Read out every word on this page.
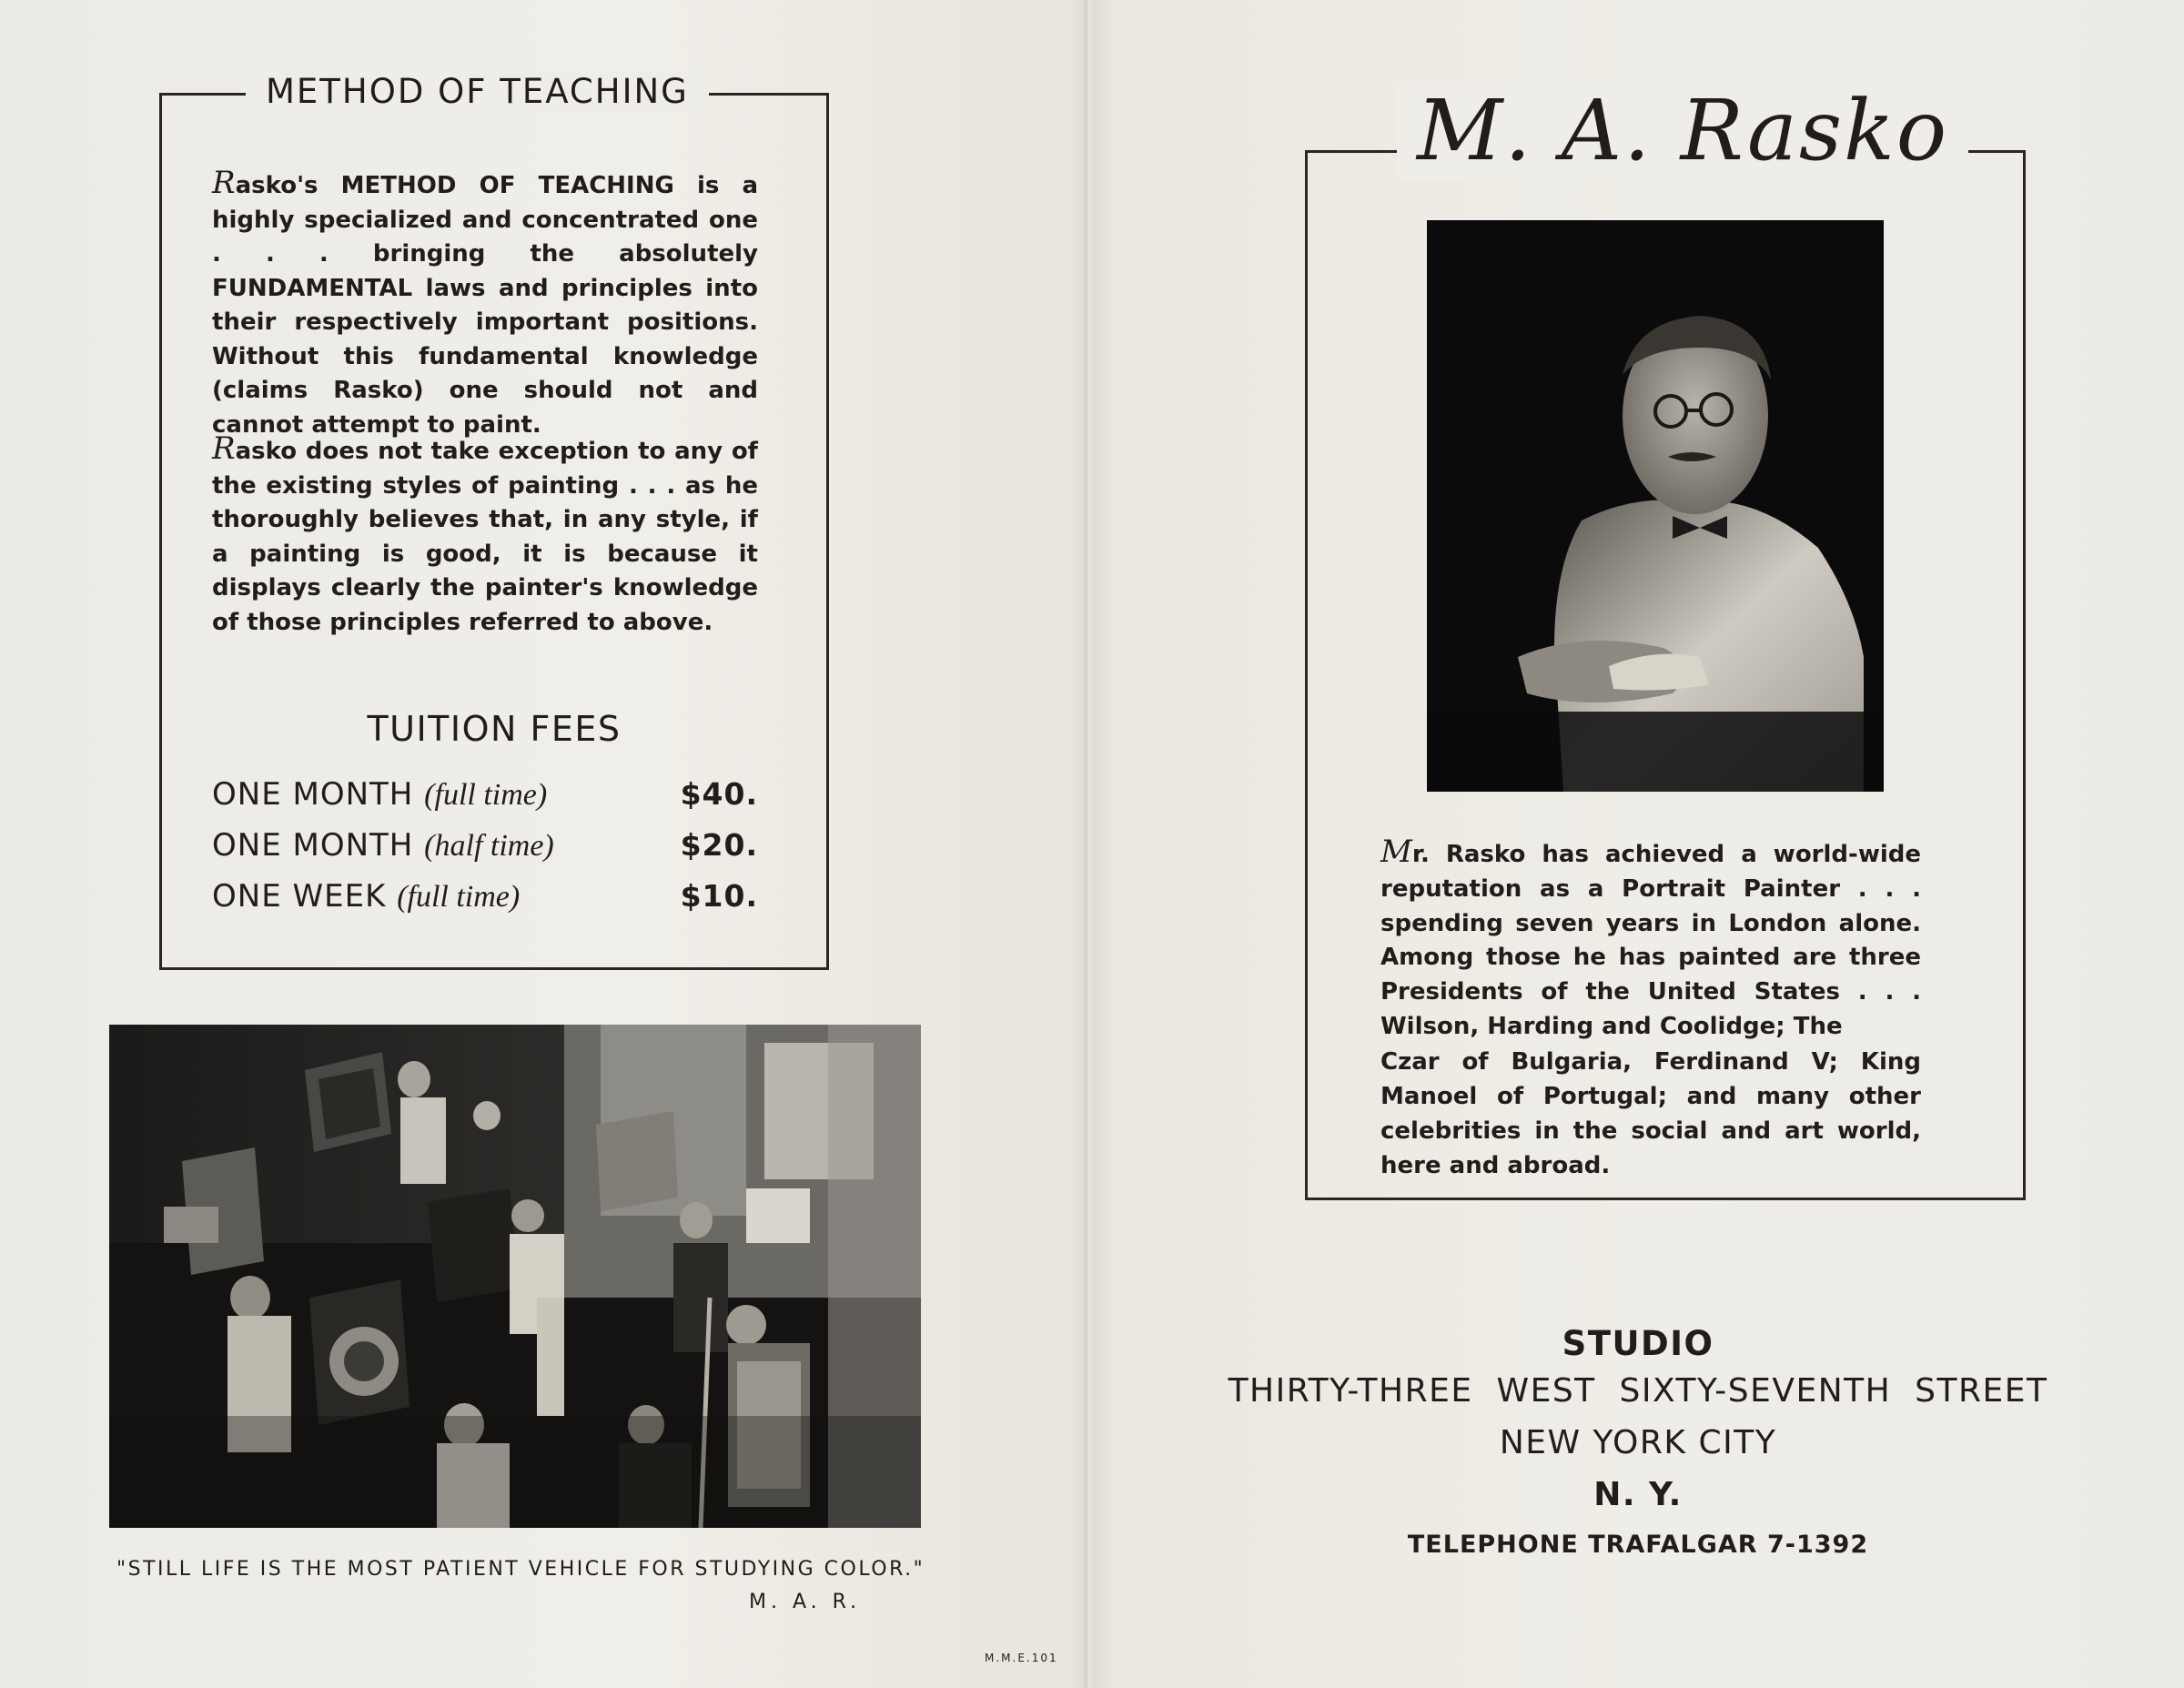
METHOD OF TEACHING
Rasko's METHOD OF TEACHING is a highly specialized and concentrated one . . . bringing the absolutely FUNDAMENTAL laws and principles into their respectively important positions. Without this fundamental knowledge (claims Rasko) one should not and cannot attempt to paint.
Rasko does not take exception to any of the existing styles of painting . . . as he thoroughly believes that, in any style, if a painting is good, it is because it displays clearly the painter's knowledge of those principles referred to above.
TUITION FEES
ONE MONTH (full time)	$40.
ONE MONTH (half time)	$20.
ONE WEEK (full time)	$10.
"STILL LIFE IS THE MOST PATIENT VEHICLE FOR STUDYING COLOR."
M. A. R.
M.M.E.101
M. A. Rasko
Mr. Rasko has achieved a world-wide reputation as a Portrait Painter . . . spending seven years in London alone. Among those he has painted are three Presidents of the United States . . . Wilson, Harding and Coolidge; The
Czar of Bulgaria, Ferdinand V; King Manoel of Portugal; and many other celebrities in the social and art world, here and abroad.
STUDIO
THIRTY-THREE  WEST  SIXTY-SEVENTH  STREET
NEW YORK CITY
N. Y.
TELEPHONE TRAFALGAR 7-1392
